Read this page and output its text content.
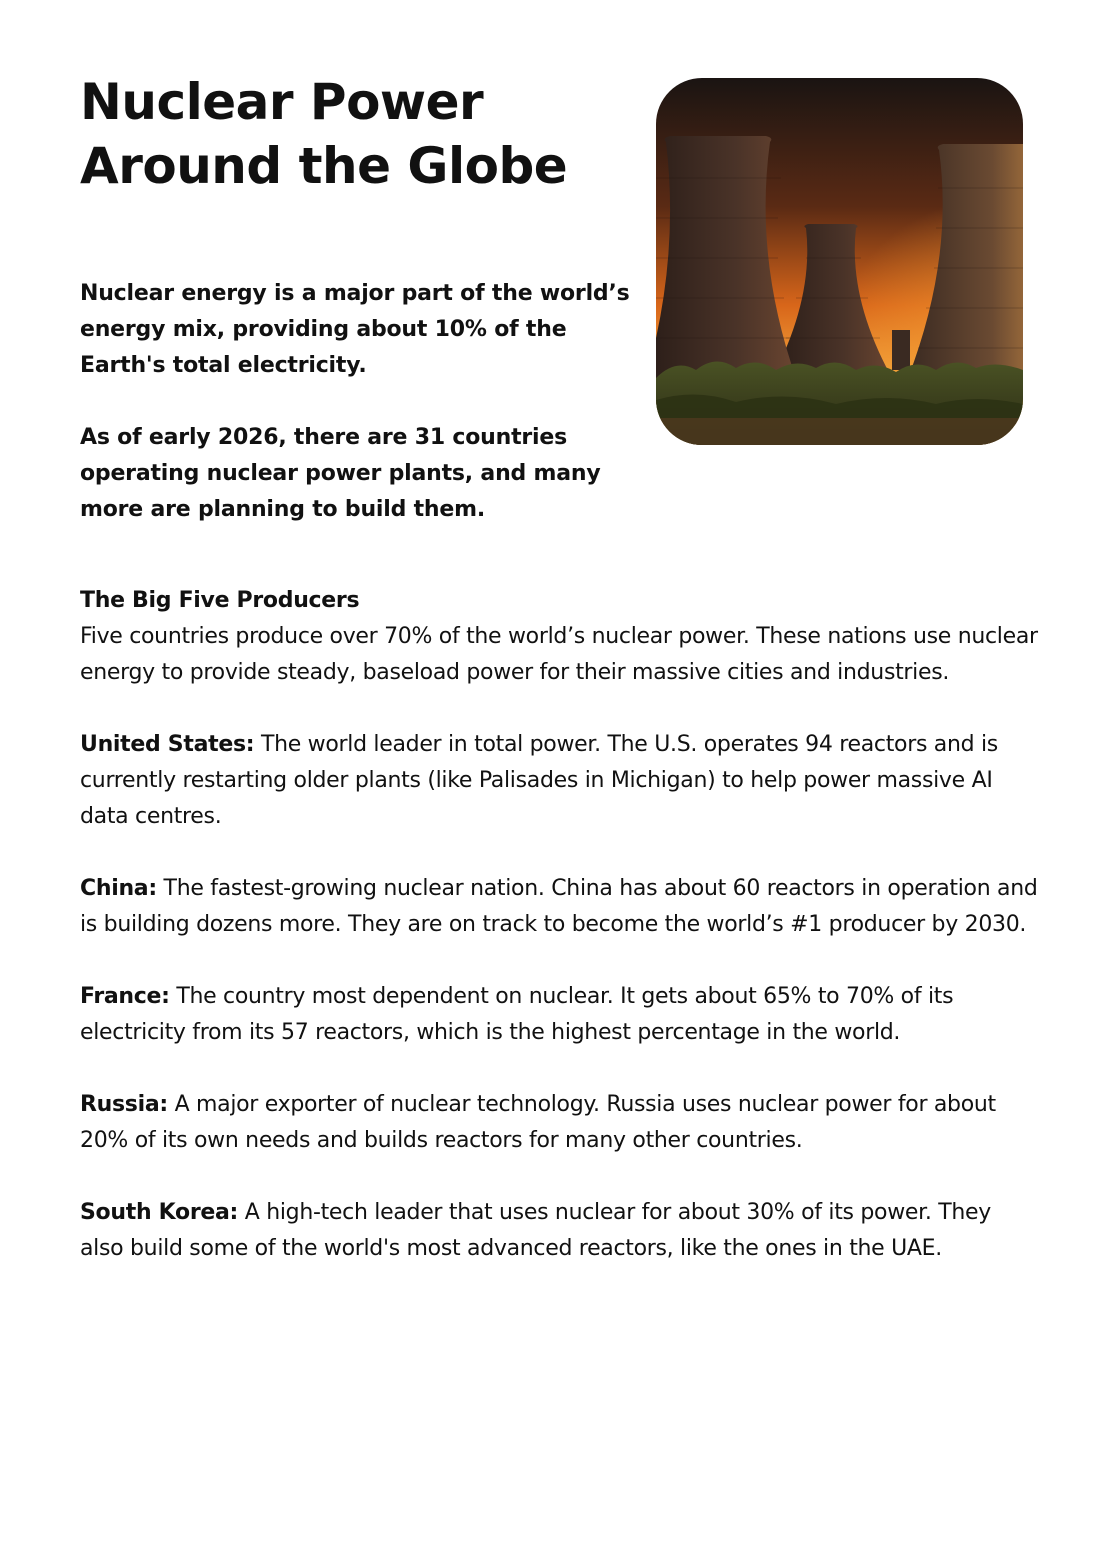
Nuclear Power Around the Globe

Nuclear energy is a major part of the world’s energy mix, providing about 10% of the Earth's total electricity.

As of early 2026, there are 31 countries operating nuclear power plants, and many more are planning to build them.

The Big Five Producers
Five countries produce over 70% of the world’s nuclear power. These nations use nuclear energy to provide steady, baseload power for their massive cities and industries.

United States: The world leader in total power. The U.S. operates 94 reactors and is currently restarting older plants (like Palisades in Michigan) to help power massive AI data centres.

China: The fastest-growing nuclear nation. China has about 60 reactors in operation and is building dozens more. They are on track to become the world’s #1 producer by 2030.

France: The country most dependent on nuclear. It gets about 65% to 70% of its electricity from its 57 reactors, which is the highest percentage in the world.

Russia: A major exporter of nuclear technology. Russia uses nuclear power for about 20% of its own needs and builds reactors for many other countries.

South Korea: A high-tech leader that uses nuclear for about 30% of its power. They also build some of the world's most advanced reactors, like the ones in the UAE.
